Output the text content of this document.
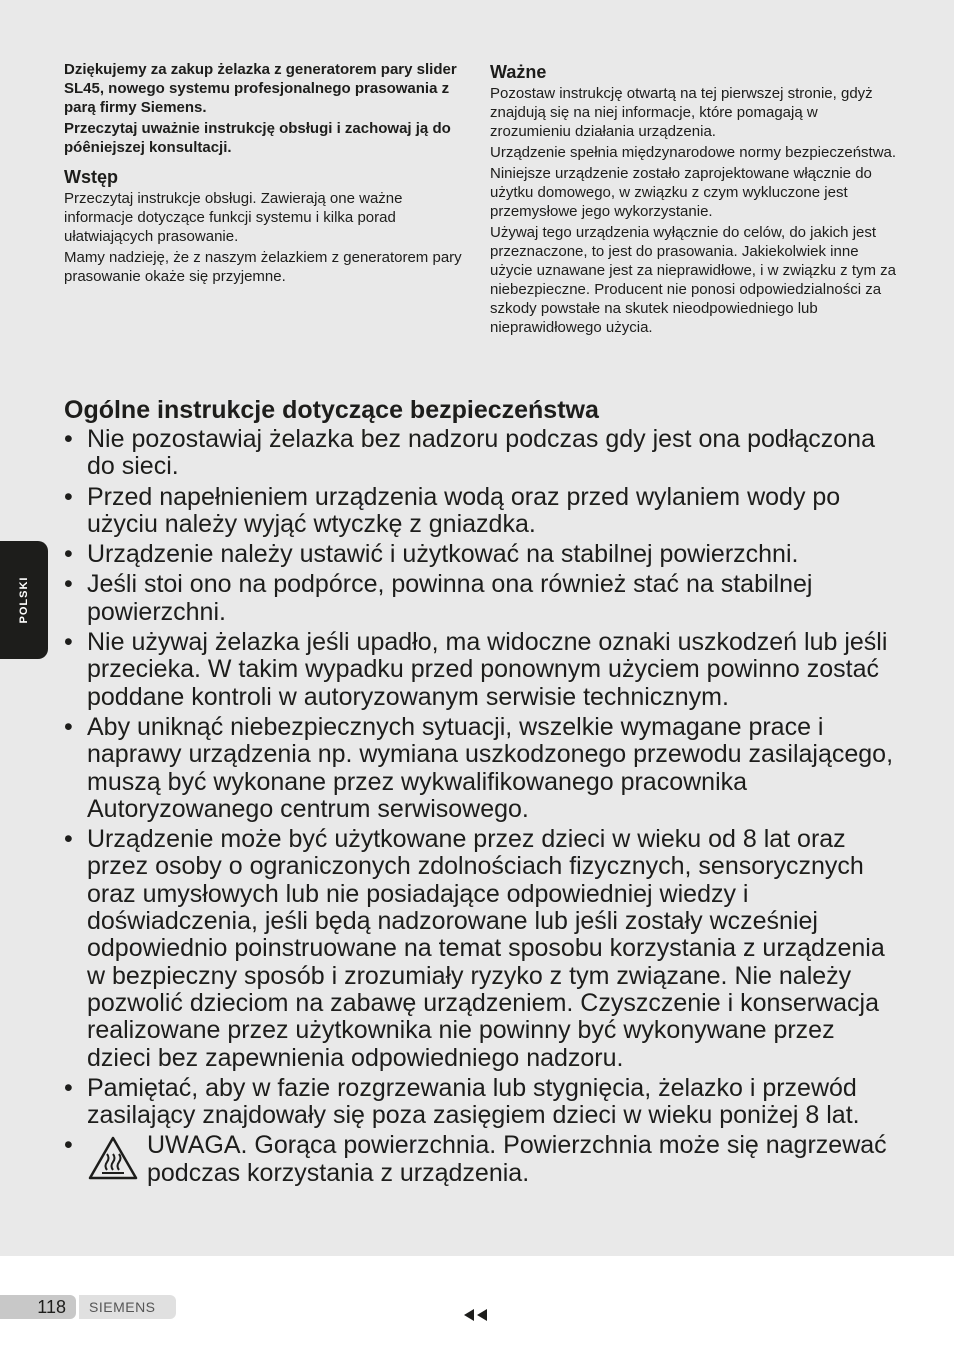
Dziękujemy za zakup żelazka z generatorem pary slider SL45, nowego systemu profesjonalnego prasowania z parą firmy Siemens.

Przeczytaj uważnie instrukcję obsługi i zachowaj ją do póêniejszej konsultacji.

Wstęp

Przeczytaj instrukcje obsługi. Zawierają one ważne informacje dotyczące funkcji systemu i kilka porad ułatwiających prasowanie.

Mamy nadzieję, że z naszym żelazkiem z generatorem pary prasowanie okaże się przyjemne.

Ważne

Pozostaw instrukcję otwartą na tej pierwszej stronie, gdyż znajdują się na niej informacje, które pomagają w zrozumieniu działania urządzenia.

Urządzenie spełnia międzynarodowe normy bezpieczeństwa.

Niniejsze urządzenie zostało zaprojektowane włącznie do użytku domowego, w związku z czym wykluczone jest przemysłowe jego wykorzystanie.

Używaj tego urządzenia wyłącznie do celów, do jakich jest przeznaczone, to jest do prasowania. Jakiekolwiek inne użycie uznawane jest za nieprawidłowe, i w związku z tym za niebezpieczne. Producent nie ponosi odpowiedzialności za szkody powstałe na skutek nieodpowiedniego lub nieprawidłowego użycia.

Ogólne instrukcje dotyczące bezpieczeństwa
• Nie pozostawiaj żelazka bez nadzoru podczas gdy jest ona podłączona do sieci.
• Przed napełnieniem urządzenia wodą oraz przed wylaniem wody po użyciu należy wyjąć wtyczkę z gniazdka.
• Urządzenie należy ustawić i użytkować na stabilnej powierzchni.
• Jeśli stoi ono na podpórce, powinna ona również stać na stabilnej powierzchni.
• Nie używaj żelazka jeśli upadło, ma widoczne oznaki uszkodzeń lub jeśli przecieka. W takim wypadku przed ponownym użyciem powinno zostać poddane kontroli w autoryzowanym serwisie technicznym.
• Aby uniknąć niebezpiecznych sytuacji, wszelkie wymagane prace i naprawy urządzenia np. wymiana uszkodzonego przewodu zasilającego, muszą być wykonane przez wykwalifikowanego pracownika Autoryzowanego centrum serwisowego.
• Urządzenie może być użytkowane przez dzieci w wieku od 8 lat oraz przez osoby o ograniczonych zdolnościach fizycznych, sensorycznych oraz umysłowych lub nie posiadające odpowiedniej wiedzy i doświadczenia, jeśli będą nadzorowane lub jeśli zostały wcześniej odpowiednio poinstruowane na temat sposobu korzystania z urządzenia w bezpieczny sposób i zrozumiały ryzyko z tym związane. Nie należy pozwolić dzieciom na zabawę urządzeniem. Czyszczenie i konserwacja realizowane przez użytkownika nie powinny być wykonywane przez dzieci bez zapewnienia odpowiedniego nadzoru.
• Pamiętać, aby w fazie rozgrzewania lub stygnięcia, żelazko i przewód zasilający znajdowały się poza zasięgiem dzieci w wieku poniżej 8 lat.
• UWAGA. Gorąca powierzchnia. Powierzchnia może się nagrzewać podczas korzystania z urządzenia.
POLSKI
118	SIEMENS
